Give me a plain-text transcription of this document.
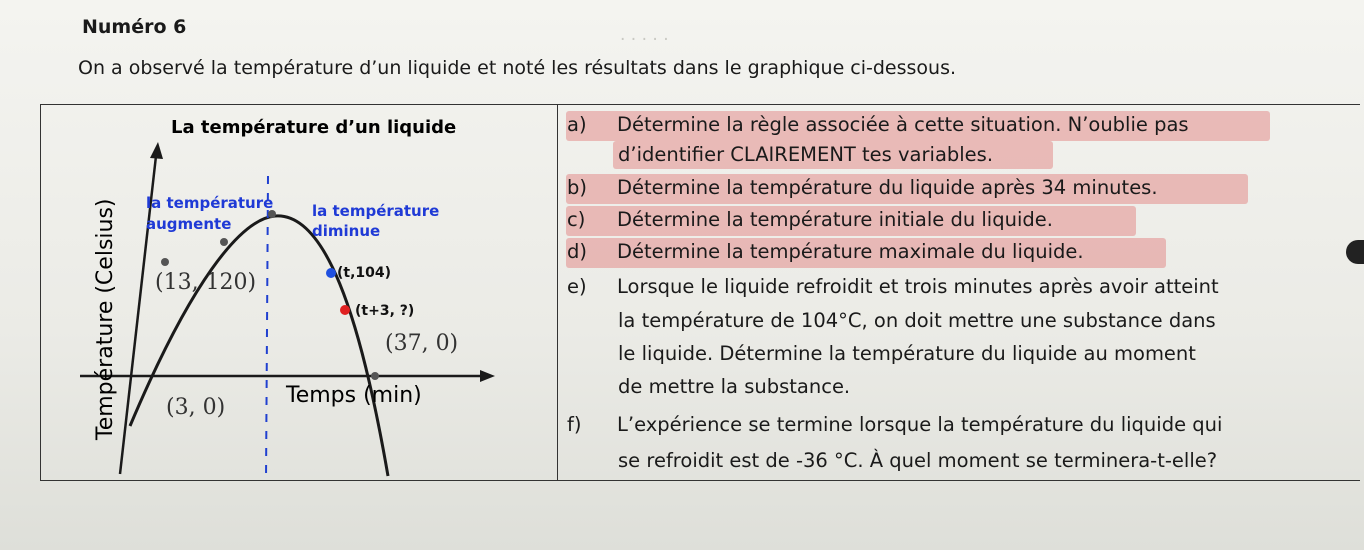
· · · · ·
Numéro 6
On a observé la température d’un liquide et noté les résultats dans le graphique ci-dessous.
La température d’un liquide
Température (Celsius)	Temps (min)
la température
augmente
la température
diminue
(13, 120)	(t,104)
(t+3, ?)
(37, 0)
(3, 0)
a) Détermine la règle associée à cette situation. N’oublie pas
d’identifier CLAIREMENT tes variables.
b) Détermine la température du liquide après 34 minutes.
c) Détermine la température initiale du liquide.
d) Détermine la température maximale du liquide.
e) Lorsque le liquide refroidit et trois minutes après avoir atteint
la température de 104°C, on doit mettre une substance dans
le liquide. Détermine la température du liquide au moment
de mettre la substance.
f) L’expérience se termine lorsque la température du liquide qui
se refroidit est de -36 °C. À quel moment se terminera-t-elle?
